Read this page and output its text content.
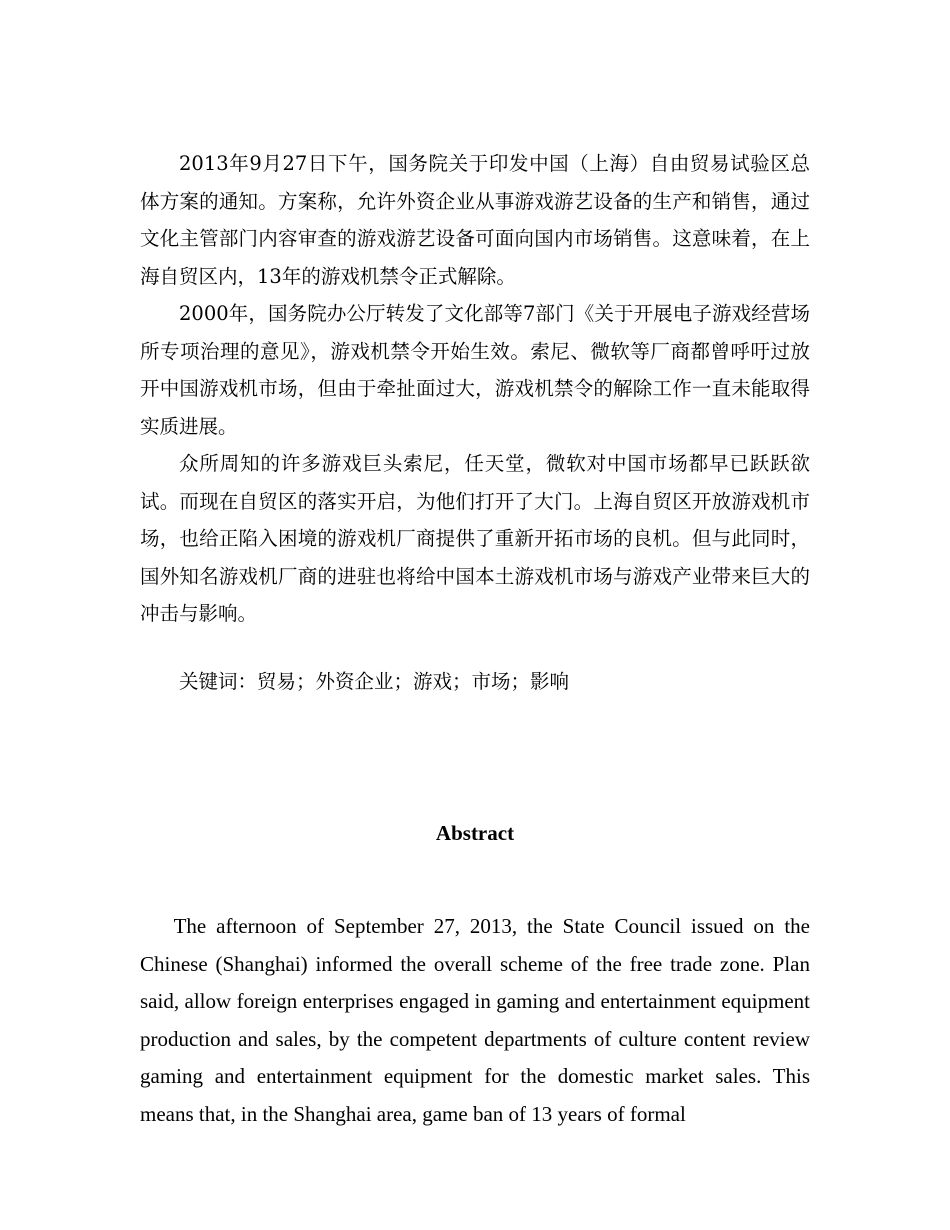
2013年9月27日下午，国务院关于印发中国（上海）自由贸易试验区总体方案的通知。方案称，允许外资企业从事游戏游艺设备的生产和销售，通过文化主管部门内容审查的游戏游艺设备可面向国内市场销售。这意味着，在上海自贸区内，13年的游戏机禁令正式解除。

2000年，国务院办公厅转发了文化部等7部门《关于开展电子游戏经营场所专项治理的意见》，游戏机禁令开始生效。索尼、微软等厂商都曾呼吁过放开中国游戏机市场，但由于牵扯面过大，游戏机禁令的解除工作一直未能取得实质进展。

众所周知的许多游戏巨头索尼，任天堂，微软对中国市场都早已跃跃欲试。而现在自贸区的落实开启，为他们打开了大门。上海自贸区开放游戏机市场，也给正陷入困境的游戏机厂商提供了重新开拓市场的良机。但与此同时，国外知名游戏机厂商的进驻也将给中国本土游戏机市场与游戏产业带来巨大的冲击与影响。

关键词：贸易；外资企业；游戏；市场；影响

Abstract

The afternoon of September 27, 2013, the State Council issued on the Chinese (Shanghai) informed the overall scheme of the free trade zone. Plan said, allow foreign enterprises engaged in gaming and entertainment equipment production and sales, by the competent departments of culture content review gaming and entertainment equipment for the domestic market sales. This means that, in the Shanghai area, game ban of 13 years of formal
